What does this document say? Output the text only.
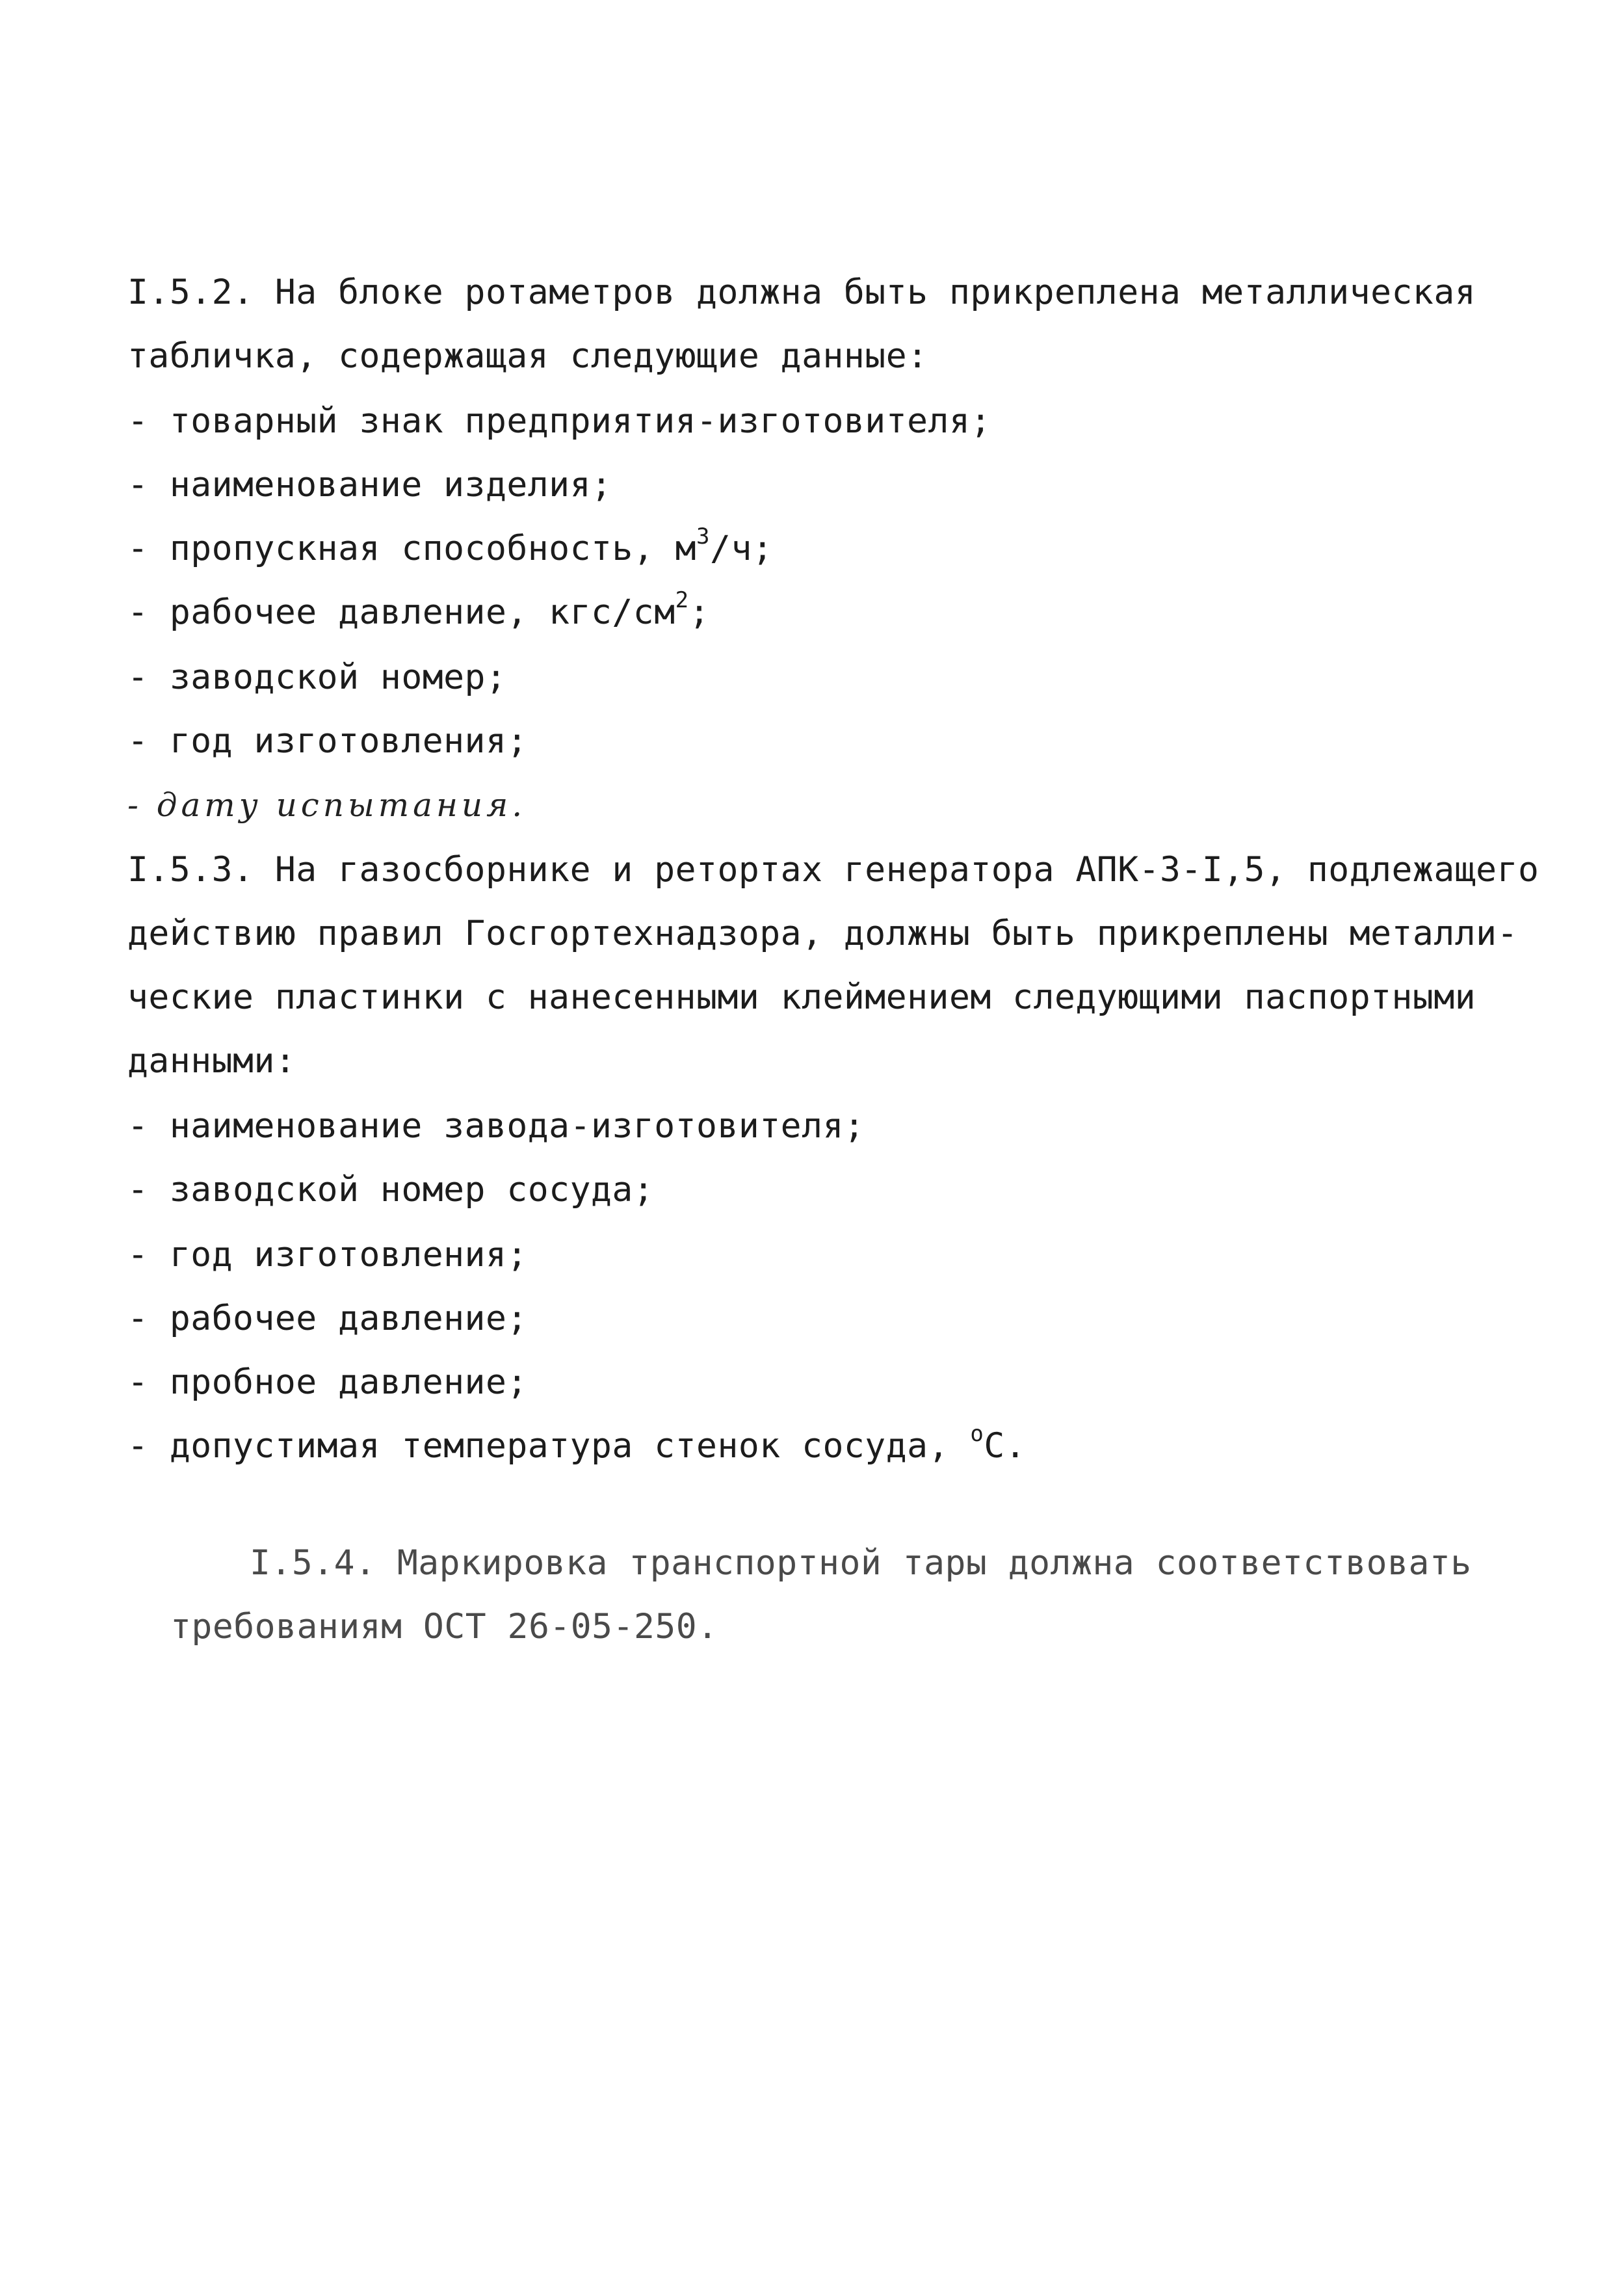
I.5.2. На блоке ротаметров должна быть прикреплена металлическая
табличка, содержащая следующие данные:
- товарный знак предприятия-изготовителя;
- наименование изделия;
- пропускная способность, $м^3/ч$;
- рабочее давление, кгс/$см^2$;
- заводской номер;
- год изготовления;
- дату испытания.
I.5.3. На газосборнике и ретортах генератора АПК-3-I,5, подлежащего
действию правил Госгортехнадзора, должны быть прикреплены металли-
ческие пластинки с нанесенными клеймением следующими паспортными
данными:
- наименование завода-изготовителя;
- заводской номер сосуда;
- год изготовления;
- рабочее давление;
- пробное давление;
- допустимая температура стенок сосуда, $^o$С.
I.5.4. Маркировка транспортной тары должна соответствовать
требованиям ОСТ 26-05-250.
